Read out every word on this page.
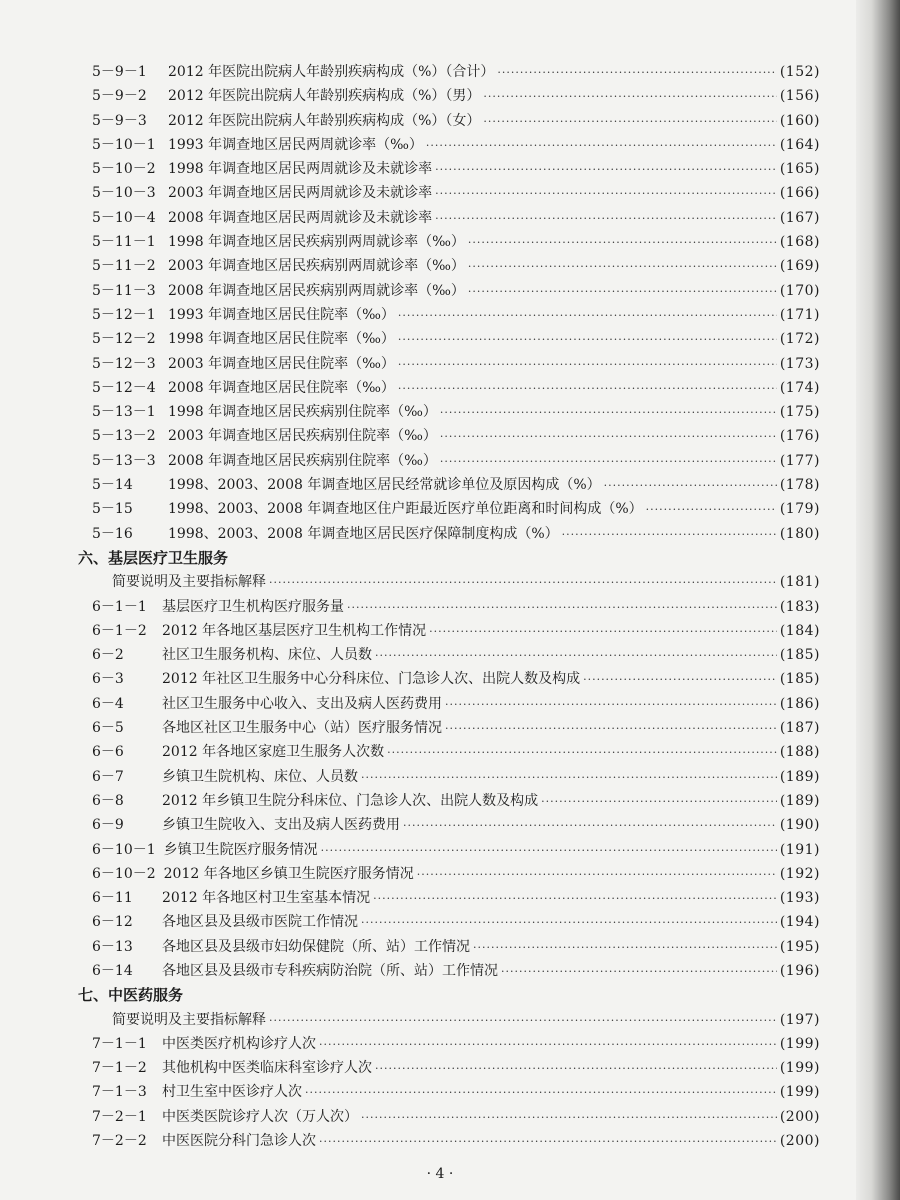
5－9－1	2012 年医院出院病人年龄别疾病构成（%）（合计） ·····	(152)
5－9－2	2012 年医院出院病人年龄别疾病构成（%）（男） ·····	(156)
5－9－3	2012 年医院出院病人年龄别疾病构成（%）（女） ·····	(160)
5－10－1 1993 年调查地区居民两周就诊率（‰） ·····	(164)
5－10－2 1998 年调查地区居民两周就诊及未就诊率 ·····	(165)
5－10－3 2003 年调查地区居民两周就诊及未就诊率 ·····	(166)
5－10－4 2008 年调查地区居民两周就诊及未就诊率 ·····	(167)
5－11－1 1998 年调查地区居民疾病别两周就诊率（‰） ·····	(168)
5－11－2 2003 年调查地区居民疾病别两周就诊率（‰） ·····	(169)
5－11－3 2008 年调查地区居民疾病别两周就诊率（‰） ·····	(170)
5－12－1 1993 年调查地区居民住院率（‰） ·····	(171)
5－12－2 1998 年调查地区居民住院率（‰） ·····	(172)
5－12－3 2003 年调查地区居民住院率（‰） ·····	(173)
5－12－4 2008 年调查地区居民住院率（‰） ·····	(174)
5－13－1 1998 年调查地区居民疾病别住院率（‰） ·····	(175)
5－13－2 2003 年调查地区居民疾病别住院率（‰） ·····	(176)
5－13－3 2008 年调查地区居民疾病别住院率（‰） ·····	(177)
5－14	1998、2003、2008 年调查地区居民经常就诊单位及原因构成（%） ·····	(178)
5－15	1998、2003、2008 年调查地区住户距最近医疗单位距离和时间构成（%） ·····	(179)
5－16	1998、2003、2008 年调查地区居民医疗保障制度构成（%） ·····	(180)
六、基层医疗卫生服务
简要说明及主要指标解释 ·····	(181)
6－1－1	基层医疗卫生机构医疗服务量 ·····	(183)
6－1－2	2012 年各地区基层医疗卫生机构工作情况 ·····	(184)
6－2	社区卫生服务机构、床位、人员数 ·····	(185)
6－3	2012 年社区卫生服务中心分科床位、门急诊人次、出院人数及构成 ·····	(185)
6－4	社区卫生服务中心收入、支出及病人医药费用 ·····	(186)
6－5	各地区社区卫生服务中心（站）医疗服务情况 ·····	(187)
6－6	2012 年各地区家庭卫生服务人次数 ·····	(188)
6－7	乡镇卫生院机构、床位、人员数 ·····	(189)
6－8	2012 年乡镇卫生院分科床位、门急诊人次、出院人数及构成 ·····	(189)
6－9	乡镇卫生院收入、支出及病人医药费用 ·····	(190)
6－10－1 乡镇卫生院医疗服务情况 ·····	(191)
6－10－2 2012 年各地区乡镇卫生院医疗服务情况 ·····	(192)
6－11	2012 年各地区村卫生室基本情况 ·····	(193)
6－12	各地区县及县级市医院工作情况 ·····	(194)
6－13	各地区县及县级市妇幼保健院（所、站）工作情况 ·····	(195)
6－14	各地区县及县级市专科疾病防治院（所、站）工作情况 ·····	(196)
七、中医药服务
简要说明及主要指标解释 ·····	(197)
7－1－1	中医类医疗机构诊疗人次 ·····	(199)
7－1－2	其他机构中医类临床科室诊疗人次 ·····	(199)
7－1－3	村卫生室中医诊疗人次 ·····	(199)
7－2－1	中医类医院诊疗人次（万人次） ·····	(200)
7－2－2	中医医院分科门急诊人次 ·····	(200)
· 4 ·
